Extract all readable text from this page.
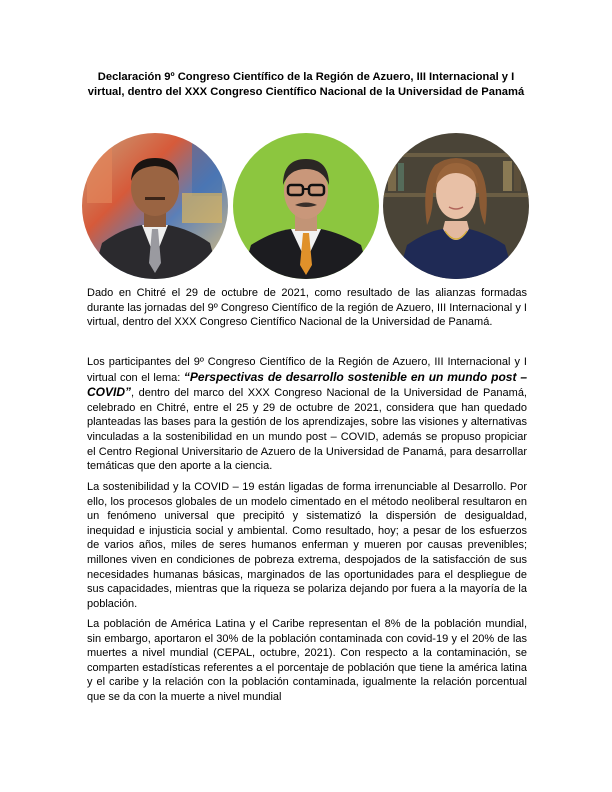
Declaración 9º Congreso Científico de la Región de Azuero, III Internacional y I virtual, dentro del XXX Congreso Científico Nacional de la Universidad de Panamá
Dado en Chitré el 29 de octubre de 2021, como resultado de las alianzas formadas durante las jornadas del 9º Congreso Científico de la región de Azuero, III Internacional y I virtual, dentro del XXX Congreso Científico Nacional de la Universidad de Panamá.
Los participantes del 9º Congreso Científico de la Región de Azuero, III Internacional y I virtual con el lema: “Perspectivas de desarrollo sostenible en un mundo post – COVID”, dentro del marco del XXX Congreso Nacional de la Universidad de Panamá, celebrado en Chitré, entre el 25 y 29 de octubre de 2021, considera que han quedado planteadas las bases para la gestión de los aprendizajes, sobre las visiones y alternativas vinculadas a la sostenibilidad en un mundo post – COVID, además se propuso propiciar el Centro Regional Universitario de Azuero de la Universidad de Panamá, para desarrollar temáticas que den aporte a la ciencia.
La sostenibilidad y la COVID – 19 están ligadas de forma irrenunciable al Desarrollo. Por ello, los procesos globales de un modelo cimentado en el método neoliberal resultaron en un fenómeno universal que precipitó y sistematizó la dispersión de desigualdad, inequidad e injusticia social y ambiental. Como resultado, hoy; a pesar de los esfuerzos de varios años, miles de seres humanos enferman y mueren por causas prevenibles; millones viven en condiciones de pobreza extrema, despojados de la satisfacción de sus necesidades humanas básicas, marginados de las oportunidades para el despliegue de sus capacidades, mientras que la riqueza se polariza dejando por fuera a la mayoría de la población.
La población de América Latina y el Caribe representan el 8% de la población mundial, sin embargo, aportaron el 30% de la población contaminada con covid-19 y el 20% de las muertes a nivel mundial (CEPAL, octubre, 2021). Con respecto a la contaminación, se comparten estadísticas referentes a el porcentaje de población que tiene la américa latina y el caribe y la relación con la población contaminada, igualmente la relación porcentual que se da con la muerte a nivel mundial
